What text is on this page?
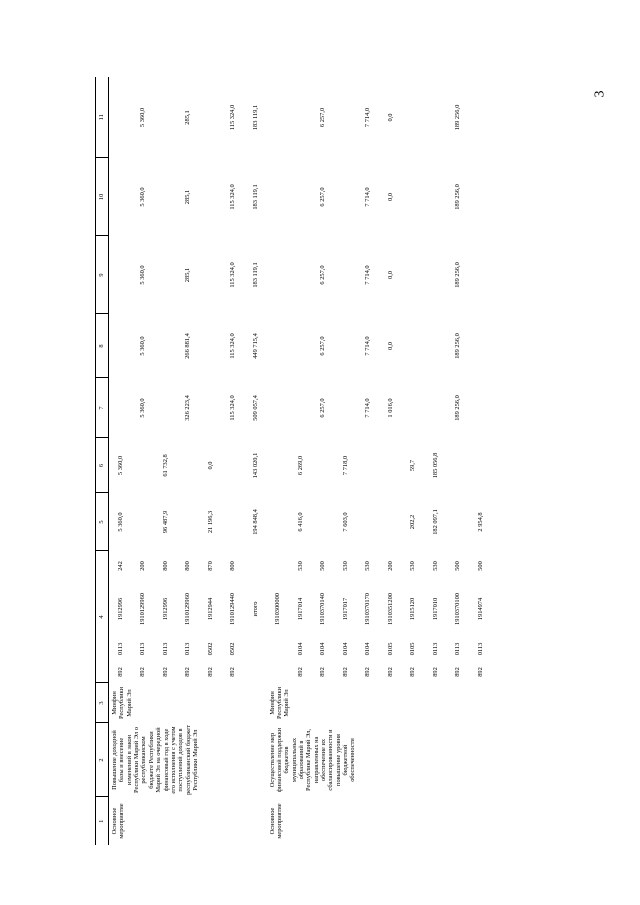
3
1	2	3	4				5	6	7	8	9	10	11
Основное мероприятие	Повышение доходной базы и внесение изменений в закон Республики Марий Эл о республиканском бюджете Республики Марий Эл на очередной финансовый год в ходе его исполнения с учетом поступлений доходов в республиканский бюджет Республики Марий Эл	Минфин Республики Марий Эл	892	0113	1912996	242	5 360,0	5 360,0					
			892	0113	1910129960	200			5 360,0	5 360,0	5 360,0	5 360,0	5 360,0
			892	0113	1912996	800	96 487,9	61 732,8					
			892	0113	1910129960	800			326 223,4	266 881,4	285,1	285,1	285,1
			892	0502	1912944	870	21 196,3	0,0					
			892	0502	1910129440	800			115 324,0	115 324,0	115 324,0	115 324,0	115 324,0
					итого		194 848,4	143 020,1	509 057,4	449 715,4	183 119,1	183 119,1	183 119,1
Основное мероприятие	Осуществление мер финансовой поддержки бюджетов муниципальных образований в Республике Марий Эл, направленных на обеспечение их сбалансированности и повышение уровня бюджетной обеспеченности	Минфин Республики Марий Эл			1910300000								
			892	0104	1917014	530	6 416,0	6 269,0					
			892	0104	1910370140	500			6 257,0	6 257,0	6 257,0	6 257,0	6 257,0
			892	0104	1917017	530	7 603,0	7 718,0					
			892	0104	1910370170	530			7 714,0	7 714,0	7 714,0	7 714,0	7 714,0
			892	0105	1910351200	200			1 016,0	0,0	0,0	0,0	0,0
			892	0105	1915120	530	202,2	59,7					
			892	0113	1917010	530	182 097,1	185 056,8					
			892	0113	1910370100	500			189 256,0	189 256,0	189 256,0	189 256,0	189 256,0
			892	0113	1914974	500	2 954,8						
